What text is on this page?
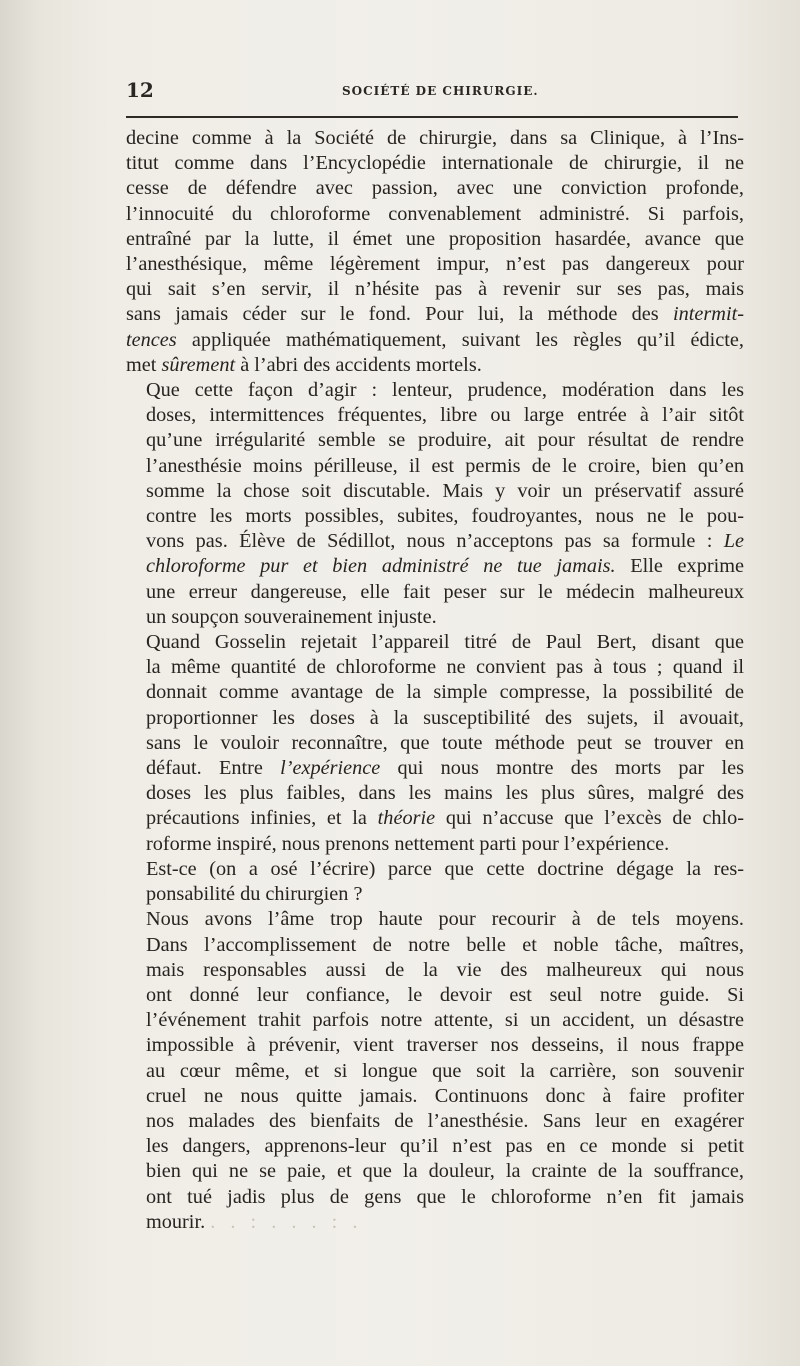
12	SOCIÉTÉ DE CHIRURGIE.
decine comme à la Société de chirurgie, dans sa Clinique, à l’Ins-
titut comme dans l’Encyclopédie internationale de chirurgie, il ne
cesse de défendre avec passion, avec une conviction profonde,
l’innocuité du chloroforme convenablement administré. Si parfois,
entraîné par la lutte, il émet une proposition hasardée, avance que
l’anesthésique, même légèrement impur, n’est pas dangereux pour
qui sait s’en servir, il n’hésite pas à revenir sur ses pas, mais
sans jamais céder sur le fond. Pour lui, la méthode des intermit-
tences appliquée mathématiquement, suivant les règles qu’il édicte,
met sûrement à l’abri des accidents mortels.
Que cette façon d’agir : lenteur, prudence, modération dans les
doses, intermittences fréquentes, libre ou large entrée à l’air sitôt
qu’une irrégularité semble se produire, ait pour résultat de rendre
l’anesthésie moins périlleuse, il est permis de le croire, bien qu’en
somme la chose soit discutable. Mais y voir un préservatif assuré
contre les morts possibles, subites, foudroyantes, nous ne le pou-
vons pas. Élève de Sédillot, nous n’acceptons pas sa formule : Le
chloroforme pur et bien administré ne tue jamais. Elle exprime
une erreur dangereuse, elle fait peser sur le médecin malheureux
un soupçon souverainement injuste.
Quand Gosselin rejetait l’appareil titré de Paul Bert, disant que
la même quantité de chloroforme ne convient pas à tous ; quand il
donnait comme avantage de la simple compresse, la possibilité de
proportionner les doses à la susceptibilité des sujets, il avouait,
sans le vouloir reconnaître, que toute méthode peut se trouver en
défaut. Entre l’expérience qui nous montre des morts par les
doses les plus faibles, dans les mains les plus sûres, malgré des
précautions infinies, et la théorie qui n’accuse que l’excès de chlo-
roforme inspiré, nous prenons nettement parti pour l’expérience.
Est-ce (on a osé l’écrire) parce que cette doctrine dégage la res-
ponsabilité du chirurgien ?
Nous avons l’âme trop haute pour recourir à de tels moyens.
Dans l’accomplissement de notre belle et noble tâche, maîtres,
mais responsables aussi de la vie des malheureux qui nous
ont donné leur confiance, le devoir est seul notre guide. Si
l’événement trahit parfois notre attente, si un accident, un désastre
impossible à prévenir, vient traverser nos desseins, il nous frappe
au cœur même, et si longue que soit la carrière, son souvenir
cruel ne nous quitte jamais. Continuons donc à faire profiter
nos malades des bienfaits de l’anesthésie. Sans leur en exagérer
les dangers, apprenons-leur qu’il n’est pas en ce monde si petit
bien qui ne se paie, et que la douleur, la crainte de la souffrance,
ont tué jadis plus de gens que le chloroforme n’en fit jamais
mourir. . . : . . . : .
